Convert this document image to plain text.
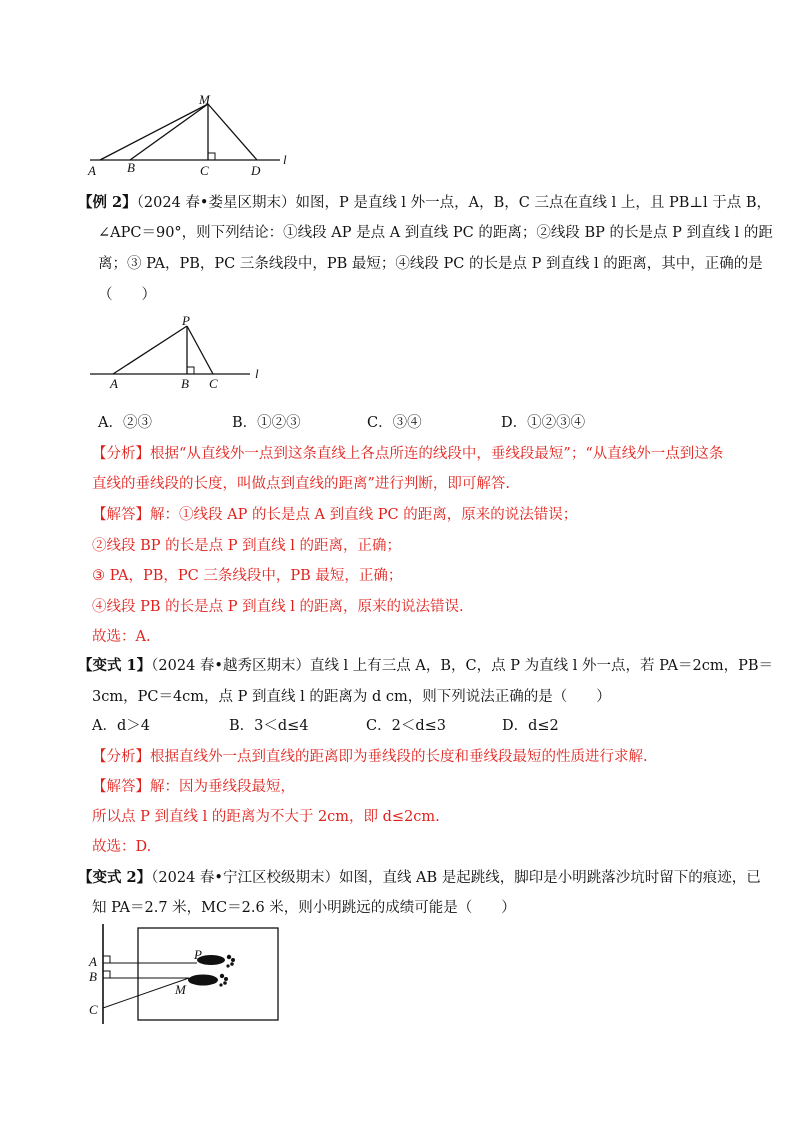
M
A B	C	D
l
【例 2】（2024 春•娄星区期末）如图，P 是直线 l 外一点，A，B，C 三点在直线 l 上，且 PB⊥l 于点 B，
∠APC＝90°，则下列结论：①线段 AP 是点 A 到直线 PC 的距离；②线段 BP 的长是点 P 到直线 l 的距
离；③ PA，PB，PC 三条线段中，PB 最短；④线段 PC 的长是点 P 到直线 l 的距离，其中，正确的是
（　　）
P
A	B C
l
A．②③	B．①②③	C．③④	D．①②③④
【分析】根据“从直线外一点到这条直线上各点所连的线段中，垂线段最短”；“从直线外一点到这条
直线的垂线段的长度，叫做点到直线的距离”进行判断，即可解答.
【解答】解：①线段 AP 的长是点 A 到直线 PC 的距离，原来的说法错误；
②线段 BP 的长是点 P 到直线 l 的距离，正确；
③ PA，PB，PC 三条线段中，PB 最短，正确；
④线段 PB 的长是点 P 到直线 l 的距离，原来的说法错误.
故选：A.
【变式 1】（2024 春•越秀区期末）直线 l 上有三点 A，B，C，点 P 为直线 l 外一点，若 PA＝2cm，PB＝
3cm，PC＝4cm，点 P 到直线 l 的距离为 d cm，则下列说法正确的是（　　）
A．d＞4	B．3＜d≤4	C．2＜d≤3	D．d≤2
【分析】根据直线外一点到直线的距离即为垂线段的长度和垂线段最短的性质进行求解.
【解答】解：因为垂线段最短，
所以点 P 到直线 l 的距离为不大于 2cm，即 d≤2cm.
故选：D.
【变式 2】（2024 春•宁江区校级期末）如图，直线 AB 是起跳线，脚印是小明跳落沙坑时留下的痕迹，已
知 PA＝2.7 米，MC＝2.6 米，则小明跳远的成绩可能是（　　）
A
B
C
P
M
